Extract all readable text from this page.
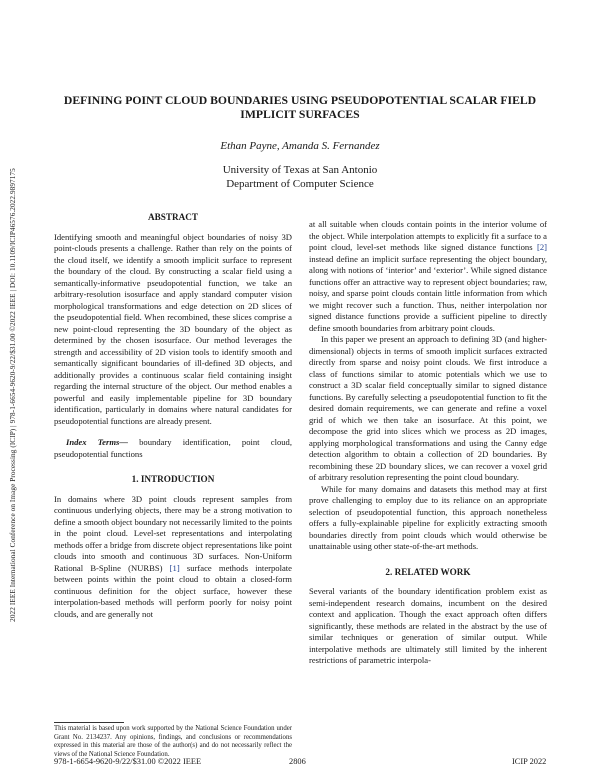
2022 IEEE International Conference on Image Processing (ICIP) | 978-1-6654-9620-9/22/$31.00 ©2022 IEEE | DOI: 10.1109/ICIP46576.2022.9897175
DEFINING POINT CLOUD BOUNDARIES USING PSEUDOPOTENTIAL SCALAR FIELD IMPLICIT SURFACES
Ethan Payne, Amanda S. Fernandez
University of Texas at San Antonio
Department of Computer Science
ABSTRACT

Identifying smooth and meaningful object boundaries of noisy 3D point-clouds presents a challenge. Rather than rely on the points of the cloud itself, we identify a smooth implicit surface to represent the boundary of the cloud. By constructing a scalar field using a semantically-informative pseudopotential function, we take an arbitrary-resolution isosurface and apply standard computer vision morphological transformations and edge detection on 2D slices of the pseudopotential field. When recombined, these slices comprise a new point-cloud representing the 3D boundary of the object as determined by the chosen isosurface. Our method leverages the strength and accessibility of 2D vision tools to identify smooth and semantically significant boundaries of ill-defined 3D objects, and additionally provides a continuous scalar field containing insight regarding the internal structure of the object. Our method enables a powerful and easily implementable pipeline for 3D boundary identification, particularly in domains where natural candidates for pseudopotential functions are already present.

Index Terms— boundary identification, point cloud, pseudopotential functions

1. INTRODUCTION

In domains where 3D point clouds represent samples from continuous underlying objects, there may be a strong motivation to define a smooth object boundary not necessarily limited to the points in the point cloud. Level-set representations and interpolating methods offer a bridge from discrete object representations like point clouds into smooth and continuous 3D surfaces. Non-Uniform Rational B-Spline (NURBS) [1] surface methods interpolate between points within the point cloud to obtain a closed-form continuous definition for the object surface, however these interpolation-based methods will perform poorly for noisy point clouds, and are generally not

This material is based upon work supported by the National Science Foundation under Grant No. 2134237. Any opinions, findings, and conclusions or recommendations expressed in this material are those of the author(s) and do not necessarily reflect the views of the National Science Foundation.

at all suitable when clouds contain points in the interior volume of the object. While interpolation attempts to explicitly fit a surface to a point cloud, level-set methods like signed distance functions [2] instead define an implicit surface representing the object boundary, along with notions of ‘interior’ and ‘exterior’. While signed distance functions offer an attractive way to represent object boundaries; raw, noisy, and sparse point clouds contain little information from which we might recover such a function. Thus, neither interpolation nor signed distance functions provide a sufficient pipeline to directly define smooth boundaries from arbitrary point clouds.

In this paper we present an approach to defining 3D (and higher-dimensional) objects in terms of smooth implicit surfaces extracted directly from sparse and noisy point clouds. We first introduce a class of functions similar to atomic potentials which we use to construct a 3D scalar field conceptually similar to signed distance functions. By carefully selecting a pseudopotential function to fit the desired domain requirements, we can generate and refine a voxel grid of which we then take an isosurface. At this point, we decompose the grid into slices which we process as 2D images, applying morphological transformations and using the Canny edge detection algorithm to obtain a collection of 2D boundaries. By recombining these 2D boundary slices, we can recover a voxel grid of arbitrary resolution representing the point cloud boundary.

While for many domains and datasets this method may at first prove challenging to employ due to its reliance on an appropriate selection of pseudopotential function, this approach nonetheless offers a fully-explainable pipeline for explicitly extracting smooth boundaries directly from point clouds which would otherwise be unattainable using other state-of-the-art methods.

2. RELATED WORK

Several variants of the boundary identification problem exist as semi-independent research domains, incumbent on the desired context and application. Though the exact approach often differs significantly, these methods are related in the abstract by the use of similar techniques or generation of similar output. While interpolative methods are ultimately still limited by the inherent restrictions of parametric interpola-

978-1-6654-9620-9/22/$31.00 ©2022 IEEE	2806	ICIP 2022
